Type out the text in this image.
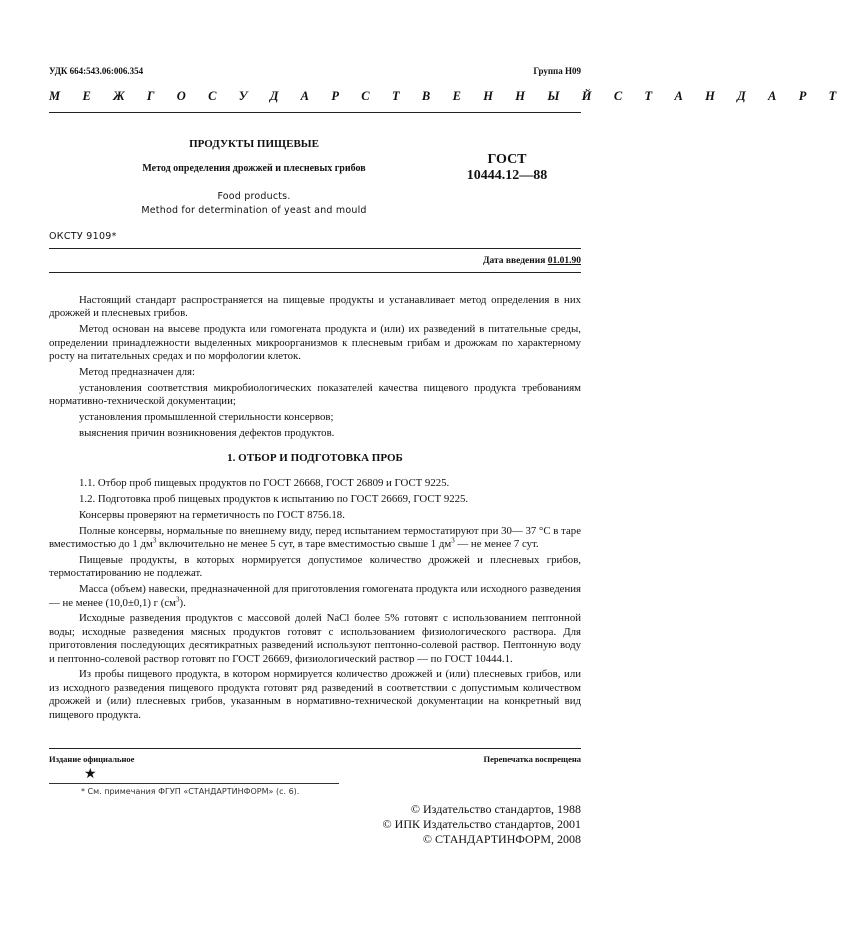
УДК 664:543.06:006.354	Группа Н09
М Е Ж Г О С У Д А Р С Т В Е Н Н Ы Й С Т А Н Д А Р Т
ПРОДУКТЫ ПИЩЕВЫЕ
Метод определения дрожжей и плесневых грибов
ГОСТ
10444.12—88
Food products.
Method for determination of yeast and mould
ОКСТУ 9109*
Дата введения 01.01.90

Настоящий стандарт распространяется на пищевые продукты и устанавливает метод определения в них дрожжей и плесневых грибов.

Метод основан на высеве продукта или гомогената продукта и (или) их разведений в питательные среды, определении принадлежности выделенных микроорганизмов к плесневым грибам и дрожжам по характерному росту на питательных средах и по морфологии клеток.

Метод предназначен для:

установления соответствия микробиологических показателей качества пищевого продукта требованиям нормативно-технической документации;

установления промышленной стерильности консервов;

выяснения причин возникновения дефектов продуктов.

1. ОТБОР И ПОДГОТОВКА ПРОБ

1.1. Отбор проб пищевых продуктов по ГОСТ 26668, ГОСТ 26809 и ГОСТ 9225.

1.2. Подготовка проб пищевых продуктов к испытанию по ГОСТ 26669, ГОСТ 9225.

Консервы проверяют на герметичность по ГОСТ 8756.18.

Полные консервы, нормальные по внешнему виду, перед испытанием термостатируют при 30— 37 °С в таре вместимостью до 1 $дм^3$ включительно не менее 5 сут, в таре вместимостью свыше 1 $дм^3$ — не менее 7 сут.

Пищевые продукты, в которых нормируется допустимое количество дрожжей и плесневых грибов, термостатированию не подлежат.

Масса (объем) навески, предназначенной для приготовления гомогената продукта или исходного разведения — не менее (10,0±0,1) г $(см^3)$.

Исходные разведения продуктов с массовой долей NaCl более 5% готовят с использованием пептонной воды; исходные разведения мясных продуктов готовят с использованием физиологического раствора. Для приготовления последующих десятикратных разведений используют пептонно-солевой раствор. Пептонную воду и пептонно-солевой раствор готовят по ГОСТ 26669, физиологический раствор — по ГОСТ 10444.1.

Из пробы пищевого продукта, в котором нормируется количество дрожжей и (или) плесневых грибов, или из исходного разведения пищевого продукта готовят ряд разведений в соответствии с допустимым количеством дрожжей и (или) плесневых грибов, указанным в нормативно-технической документации на конкретный вид пищевого продукта.

Издание официальное	Перепечатка воспрещена
★
* См. примечания ФГУП «СТАНДАРТИНФОРМ» (с. 6).
© Издательство стандартов, 1988
© ИПК Издательство стандартов, 2001
© СТАНДАРТИНФОРМ, 2008
